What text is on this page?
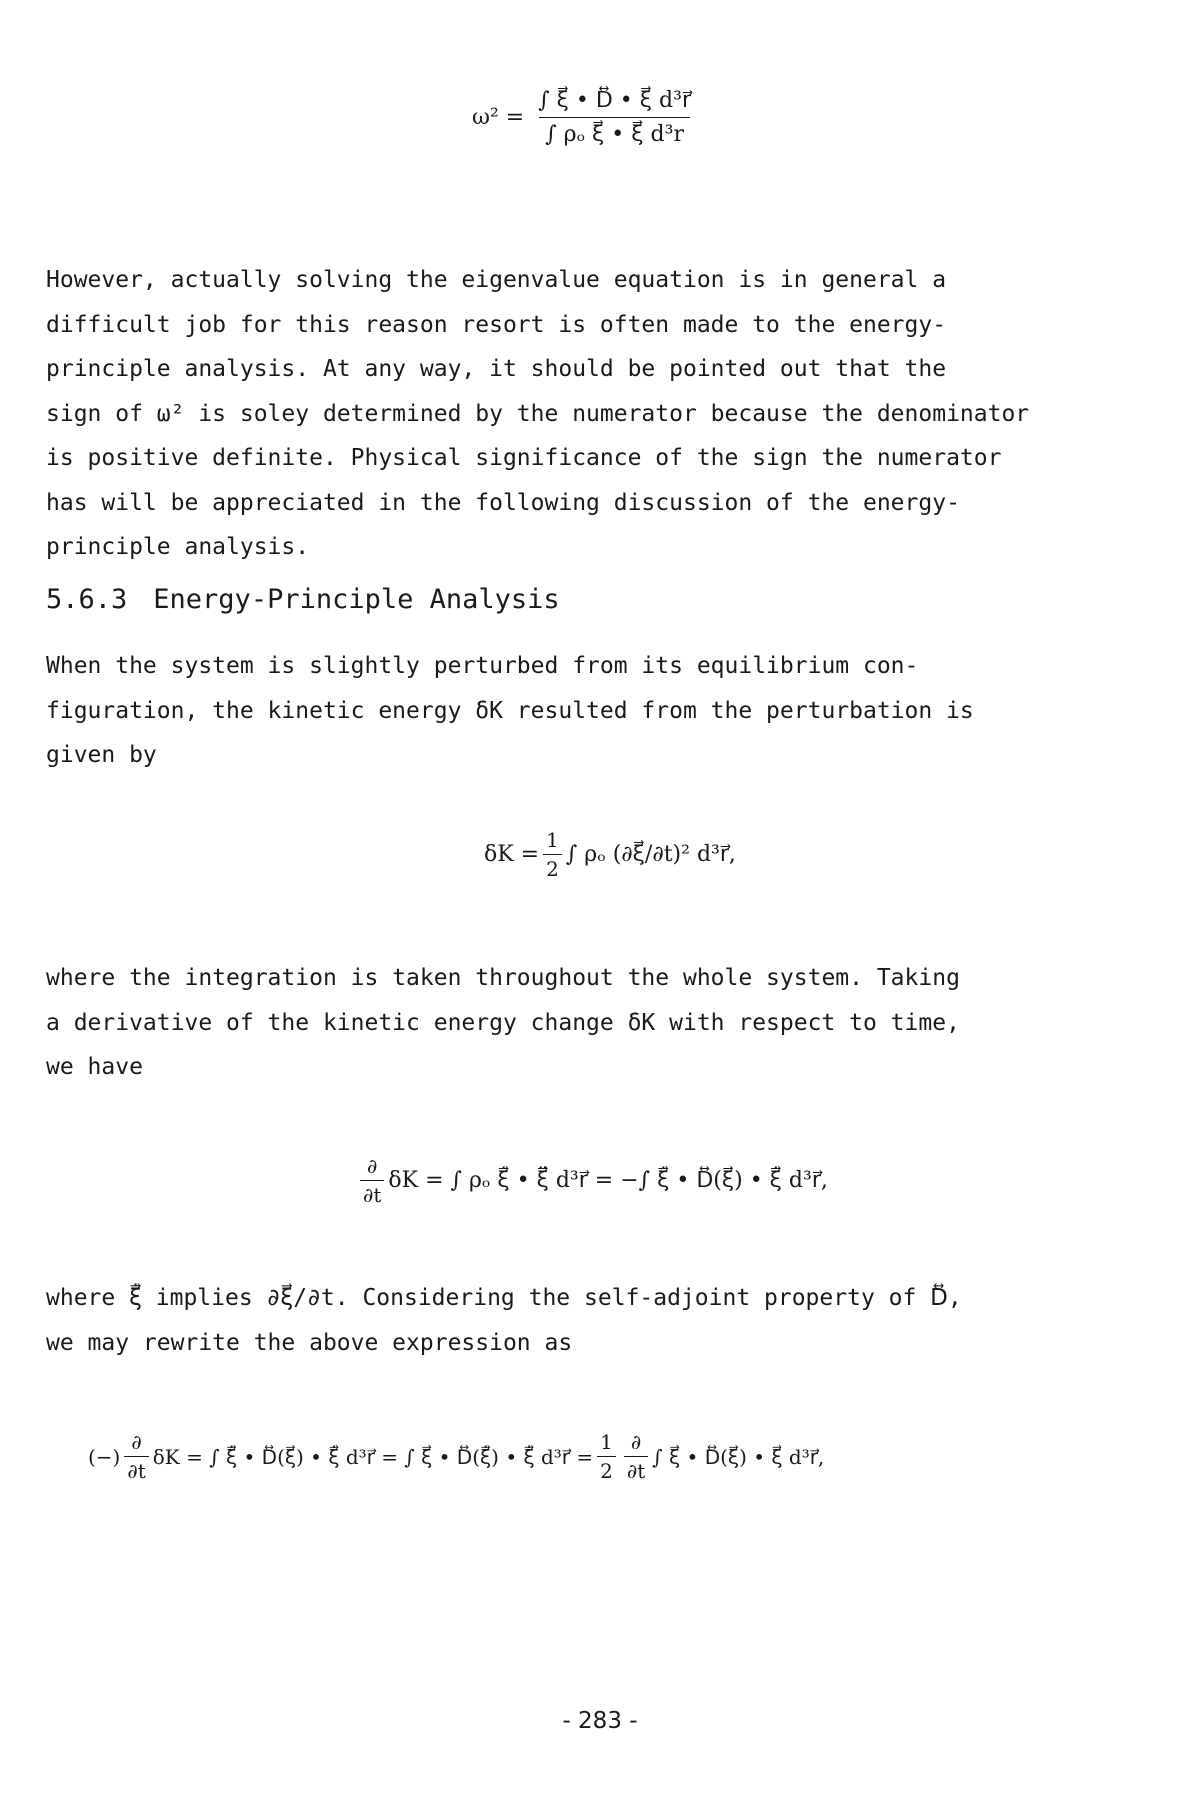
$\omega^2 = \frac{\text{∫ ξ⃗ • D⃡ • ξ⃗ d³r⃗}}{\text{∫ ρₒ ξ⃗ • ξ⃗ d³r}}$
However, actually solving the eigenvalue equation is in general a
difficult job for this reason resort is often made to the energy-
principle analysis. At any way, it should be pointed out that the
sign of ω² is soley determined by the numerator because the denominator
is positive definite. Physical significance of the sign the numerator
has will be appreciated in the following discussion of the energy-
principle analysis.
5.6.3 Energy-Principle Analysis
When the system is slightly perturbed from its equilibrium con-
figuration, the kinetic energy δK resulted from the perturbation is
given by
$\delta K = \frac{1}{2}$ ∫ ρₒ (∂ξ⃗/∂t)² d³r⃗,
where the integration is taken throughout the whole system. Taking
a derivative of the kinetic energy change δK with respect to time,
we have
$\frac{\partial}{\partial t}$ δK = ∫ ρₒ ξ̇⃗ • ξ̈⃗ d³r⃗ = −∫ ξ̇⃗ • D⃡(ξ⃗) • ξ̇⃗ d³r⃗,
where ξ̇⃗ implies ∂ξ⃗/∂t. Considering the self-adjoint property of D⃡,
we may rewrite the above expression as
(−) $\frac{\partial}{\partial t}$ δK = ∫ ξ̇⃗ • D⃡(ξ⃗) • ξ̇⃗ d³r⃗ = ∫ ξ⃗ • D⃡(ξ̇⃗) • ξ̇⃗ d³r⃗ = $\frac{1}{2} \frac{\partial}{\partial t}$ ∫ ξ⃗ • D⃡(ξ⃗) • ξ⃗ d³r⃗,
- 283 -
